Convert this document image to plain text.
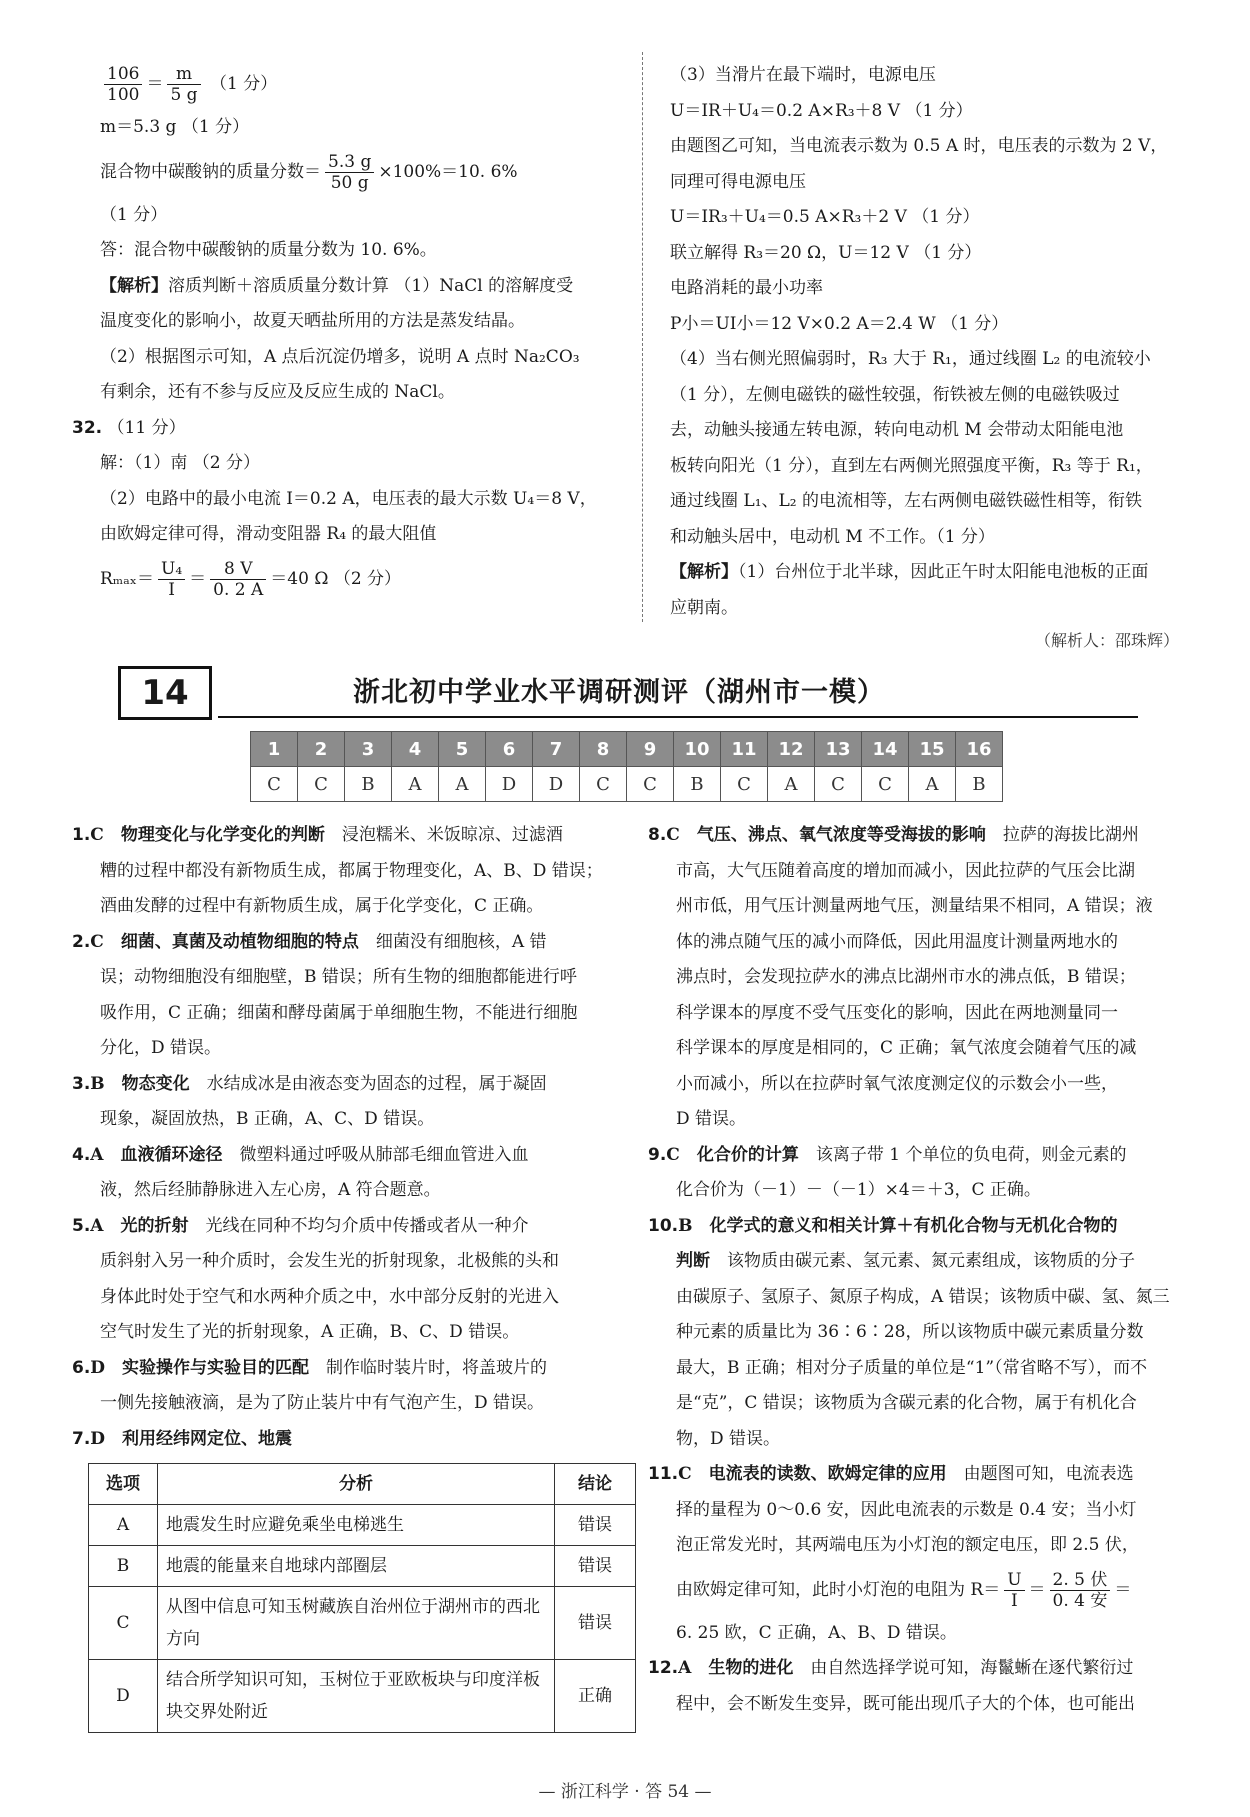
$\frac{106}{100} = \frac{m}{5 g} (1$ 分）
m＝5.3 g （1 分）
混合物中碳酸钠的质量分数＝ $\frac{5.3 g}{50 g} \times 100\%=10$. 6%
（1 分）
答：混合物中碳酸钠的质量分数为 10. 6%。
【解析】溶质判断＋溶质质量分数计算 （1）NaCl 的溶解度受
温度变化的影响小，故夏天晒盐所用的方法是蒸发结晶。
（2）根据图示可知，A 点后沉淀仍增多，说明 A 点时 Na₂CO₃
有剩余，还有不参与反应及反应生成的 NaCl。
32. （11 分）
解：（1）南 （2 分）
（2）电路中的最小电流 I＝0.2 A，电压表的最大示数 U₄＝8 V，
由欧姆定律可得，滑动变阻器 R₄ 的最大阻值
$R_{max}= \frac{\text{U₄}}{I} = \frac{8 V}{0. 2 A} =40$ Ω （2 分）
（3）当滑片在最下端时，电源电压
U＝IR＋U₄＝0.2 A×R₃＋8 V （1 分）
由题图乙可知，当电流表示数为 0.5 A 时，电压表的示数为 2 V，
同理可得电源电压
U＝IR₃＋U₄＝0.5 A×R₃＋2 V （1 分）
联立解得 R₃＝20 Ω，U＝12 V （1 分）
电路消耗的最小功率
P小＝UI小＝12 V×0.2 A＝2.4 W （1 分）
（4）当右侧光照偏弱时，R₃ 大于 R₁，通过线圈 L₂ 的电流较小
（1 分），左侧电磁铁的磁性较强，衔铁被左侧的电磁铁吸过
去，动触头接通左转电源，转向电动机 M 会带动太阳能电池
板转向阳光（1 分），直到左右两侧光照强度平衡，R₃ 等于 R₁，
通过线圈 L₁、L₂ 的电流相等，左右两侧电磁铁磁性相等，衔铁
和动触头居中，电动机 M 不工作。（1 分）
【解析】（1）台州位于北半球，因此正午时太阳能电池板的正面
应朝南。
（解析人：邵珠辉）
14	浙北初中学业水平调研测评（湖州市一模）
1	2	3	4	5	6	7	8	9	10	11	12	13	14	15	16
C	C	B	A	A	D	D	C	C	B	C	A	C	C	A	B
1.C　 物理变化与化学变化的判断　 浸泡糯米、米饭晾凉、过滤酒
糟的过程中都没有新物质生成，都属于物理变化，A、B、D 错误；
酒曲发酵的过程中有新物质生成，属于化学变化，C 正确。
2.C　 细菌、真菌及动植物细胞的特点　 细菌没有细胞核，A 错
误；动物细胞没有细胞壁，B 错误；所有生物的细胞都能进行呼
吸作用，C 正确；细菌和酵母菌属于单细胞生物，不能进行细胞
分化，D 错误。
3.B　 物态变化　 水结成冰是由液态变为固态的过程，属于凝固
现象，凝固放热，B 正确，A、C、D 错误。
4.A　 血液循环途径　 微塑料通过呼吸从肺部毛细血管进入血
液，然后经肺静脉进入左心房，A 符合题意。
5.A　 光的折射　 光线在同种不均匀介质中传播或者从一种介
质斜射入另一种介质时，会发生光的折射现象，北极熊的头和
身体此时处于空气和水两种介质之中，水中部分反射的光进入
空气时发生了光的折射现象，A 正确，B、C、D 错误。
6.D　 实验操作与实验目的匹配　 制作临时装片时，将盖玻片的
一侧先接触液滴，是为了防止装片中有气泡产生，D 错误。
7.D　 利用经纬网定位、地震
选项	分析	结论
A	地震发生时应避免乘坐电梯逃生	错误
B	地震的能量来自地球内部圈层	错误
C	从图中信息可知玉树藏族自治州位于湖州市的西北方向	错误
D	结合所学知识可知，玉树位于亚欧板块与印度洋板块交界处附近	正确
8.C　 气压、沸点、氧气浓度等受海拔的影响　 拉萨的海拔比湖州
市高，大气压随着高度的增加而减小，因此拉萨的气压会比湖
州市低，用气压计测量两地气压，测量结果不相同，A 错误；液
体的沸点随气压的减小而降低，因此用温度计测量两地水的
沸点时，会发现拉萨水的沸点比湖州市水的沸点低，B 错误；
科学课本的厚度不受气压变化的影响，因此在两地测量同一
科学课本的厚度是相同的，C 正确；氧气浓度会随着气压的减
小而减小，所以在拉萨时氧气浓度测定仪的示数会小一些，
D 错误。
9.C　 化合价的计算　 该离子带 1 个单位的负电荷，则金元素的
化合价为（－1）－（－1）×4＝＋3，C 正确。
10.B　 化学式的意义和相关计算＋有机化合物与无机化合物的
判断　 该物质由碳元素、氢元素、氮元素组成，该物质的分子
由碳原子、氢原子、氮原子构成，A 错误；该物质中碳、氢、氮三
种元素的质量比为 36∶6∶28，所以该物质中碳元素质量分数
最大，B 正确；相对分子质量的单位是“1”（常省略不写），而不
是“克”，C 错误；该物质为含碳元素的化合物，属于有机化合
物，D 错误。
11.C　 电流表的读数、欧姆定律的应用　 由题图可知，电流表选
择的量程为 0～0.6 安，因此电流表的示数是 0.4 安；当小灯
泡正常发光时，其两端电压为小灯泡的额定电压，即 2.5 伏，
由欧姆定律可知，此时小灯泡的电阻为 $R= \frac{U}{I} = \frac{\text{2. 5 伏}}{\text{0. 4 安}}$ ＝
6. 25 欧，C 正确，A、B、D 错误。
12.A　 生物的进化　 由自然选择学说可知，海鬣蜥在逐代繁衍过
程中，会不断发生变异，既可能出现爪子大的个体，也可能出
— 浙江科学 · 答 54 —
